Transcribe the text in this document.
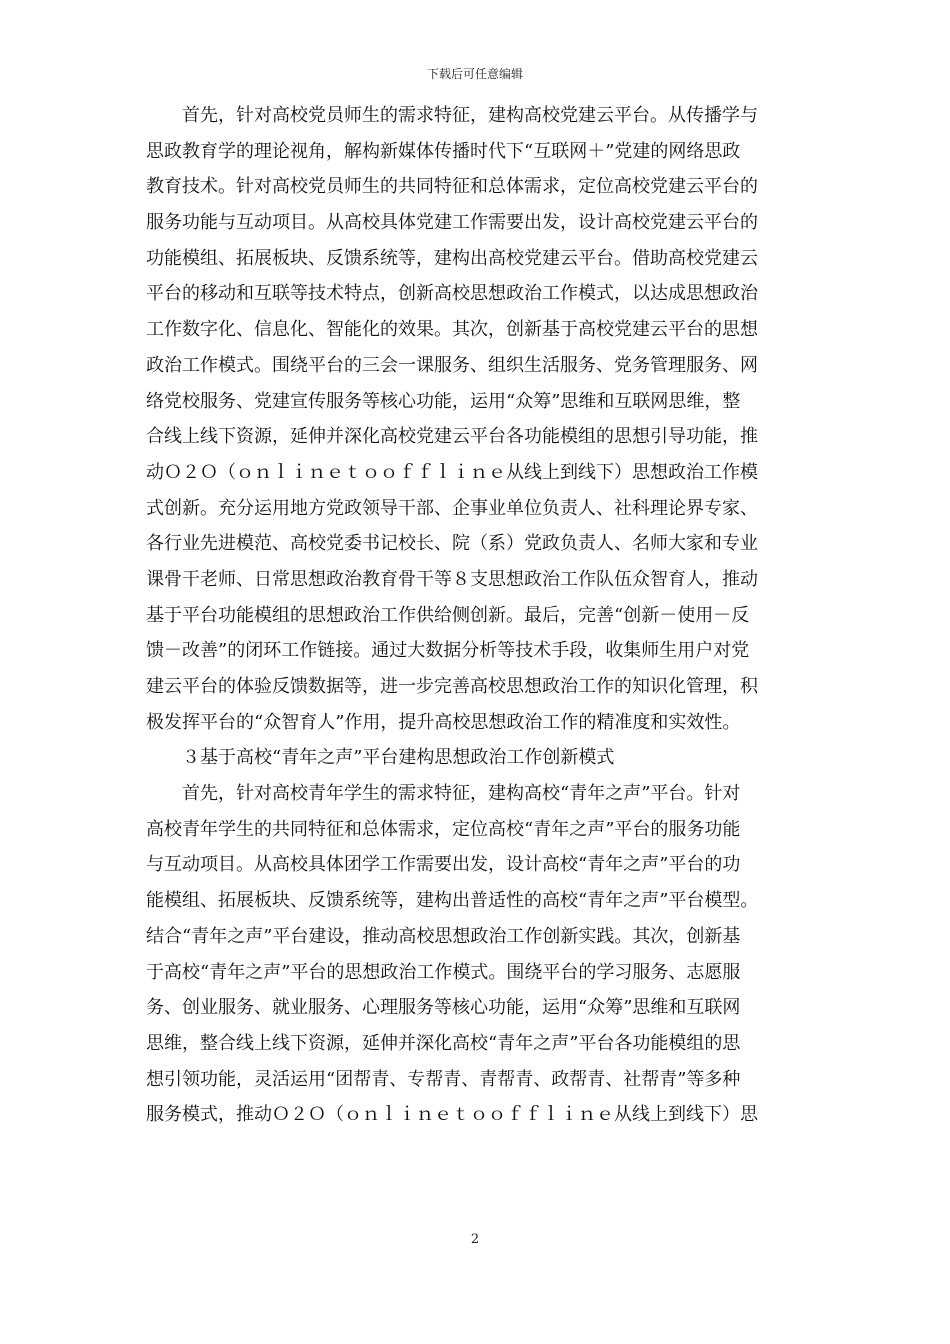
下载后可任意编辑
　　首先，针对高校党员师生的需求特征，建构高校党建云平台。从传播学与
思政教育学的理论视角，解构新媒体传播时代下“互联网＋”党建的网络思政
教育技术。针对高校党员师生的共同特征和总体需求，定位高校党建云平台的
服务功能与互动项目。从高校具体党建工作需要出发，设计高校党建云平台的
功能模组、拓展板块、反馈系统等，建构出高校党建云平台。借助高校党建云
平台的移动和互联等技术特点，创新高校思想政治工作模式，以达成思想政治
工作数字化、信息化、智能化的效果。其次，创新基于高校党建云平台的思想
政治工作模式。围绕平台的三会一课服务、组织生活服务、党务管理服务、网
络党校服务、党建宣传服务等核心功能，运用“众筹”思维和互联网思维，整
合线上线下资源，延伸并深化高校党建云平台各功能模组的思想引导功能，推
动Ｏ２Ｏ（ｏｎｌｉｎｅｔｏｏｆｆｌｉｎｅ从线上到线下）思想政治工作模
式创新。充分运用地方党政领导干部、企事业单位负责人、社科理论界专家、
各行业先进模范、高校党委书记校长、院（系）党政负责人、名师大家和专业
课骨干老师、日常思想政治教育骨干等８支思想政治工作队伍众智育人，推动
基于平台功能模组的思想政治工作供给侧创新。最后，完善“创新－使用－反
馈－改善”的闭环工作链接。通过大数据分析等技术手段，收集师生用户对党
建云平台的体验反馈数据等，进一步完善高校思想政治工作的知识化管理，积
极发挥平台的“众智育人”作用，提升高校思想政治工作的精准度和实效性。
　　３基于高校“青年之声”平台建构思想政治工作创新模式
　　首先，针对高校青年学生的需求特征，建构高校“青年之声”平台。针对
高校青年学生的共同特征和总体需求，定位高校“青年之声”平台的服务功能
与互动项目。从高校具体团学工作需要出发，设计高校“青年之声”平台的功
能模组、拓展板块、反馈系统等，建构出普适性的高校“青年之声”平台模型。
结合“青年之声”平台建设，推动高校思想政治工作创新实践。其次，创新基
于高校“青年之声”平台的思想政治工作模式。围绕平台的学习服务、志愿服
务、创业服务、就业服务、心理服务等核心功能，运用“众筹”思维和互联网
思维，整合线上线下资源，延伸并深化高校“青年之声”平台各功能模组的思
想引领功能，灵活运用“团帮青、专帮青、青帮青、政帮青、社帮青”等多种
服务模式，推动Ｏ２Ｏ（ｏｎｌｉｎｅｔｏｏｆｆｌｉｎｅ从线上到线下）思
2
